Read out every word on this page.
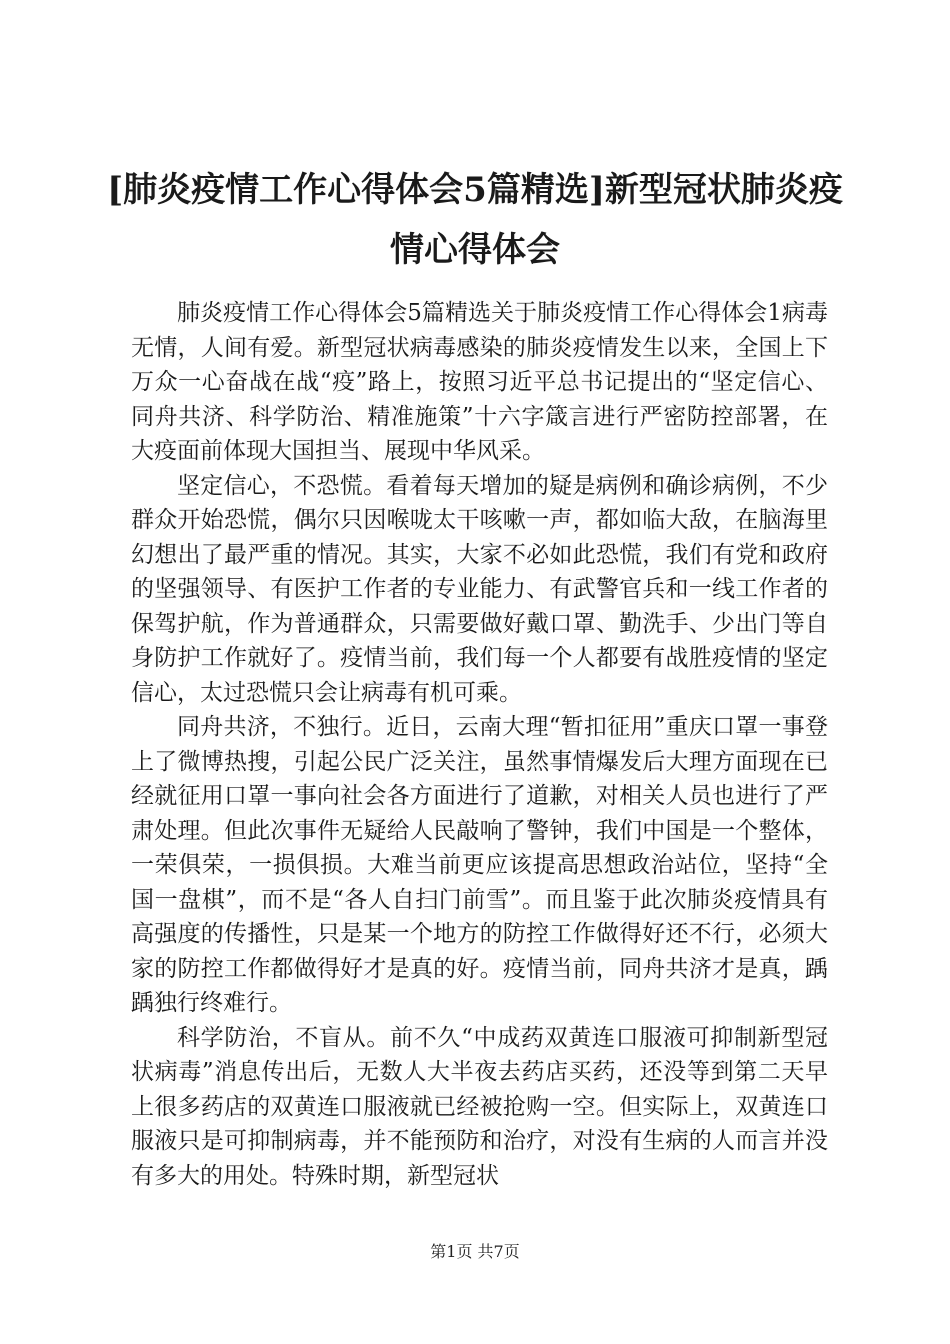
[肺炎疫情工作心得体会5篇精选]新型冠状肺炎疫情心得体会

肺炎疫情工作心得体会5篇精选关于肺炎疫情工作心得体会1病毒无情，人间有爱。新型冠状病毒感染的肺炎疫情发生以来，全国上下万众一心奋战在战“疫”路上，按照习近平总书记提出的“坚定信心、同舟共济、科学防治、精准施策”十六字箴言进行严密防控部署，在大疫面前体现大国担当、展现中华风采。

坚定信心，不恐慌。看着每天增加的疑是病例和确诊病例，不少群众开始恐慌，偶尔只因喉咙太干咳嗽一声，都如临大敌，在脑海里幻想出了最严重的情况。其实，大家不必如此恐慌，我们有党和政府的坚强领导、有医护工作者的专业能力、有武警官兵和一线工作者的保驾护航，作为普通群众，只需要做好戴口罩、勤洗手、少出门等自身防护工作就好了。疫情当前，我们每一个人都要有战胜疫情的坚定信心，太过恐慌只会让病毒有机可乘。

同舟共济，不独行。近日，云南大理“暂扣征用”重庆口罩一事登上了微博热搜，引起公民广泛关注，虽然事情爆发后大理方面现在已经就征用口罩一事向社会各方面进行了道歉，对相关人员也进行了严肃处理。但此次事件无疑给人民敲响了警钟，我们中国是一个整体，一荣俱荣，一损俱损。大难当前更应该提高思想政治站位，坚持“全国一盘棋”，而不是“各人自扫门前雪”。而且鉴于此次肺炎疫情具有高强度的传播性，只是某一个地方的防控工作做得好还不行，必须大家的防控工作都做得好才是真的好。疫情当前，同舟共济才是真，踽踽独行终难行。

科学防治，不盲从。前不久“中成药双黄连口服液可抑制新型冠状病毒”消息传出后，无数人大半夜去药店买药，还没等到第二天早上很多药店的双黄连口服液就已经被抢购一空。但实际上，双黄连口服液只是可抑制病毒，并不能预防和治疗，对没有生病的人而言并没有多大的用处。特殊时期，新型冠状

第1页 共7页
